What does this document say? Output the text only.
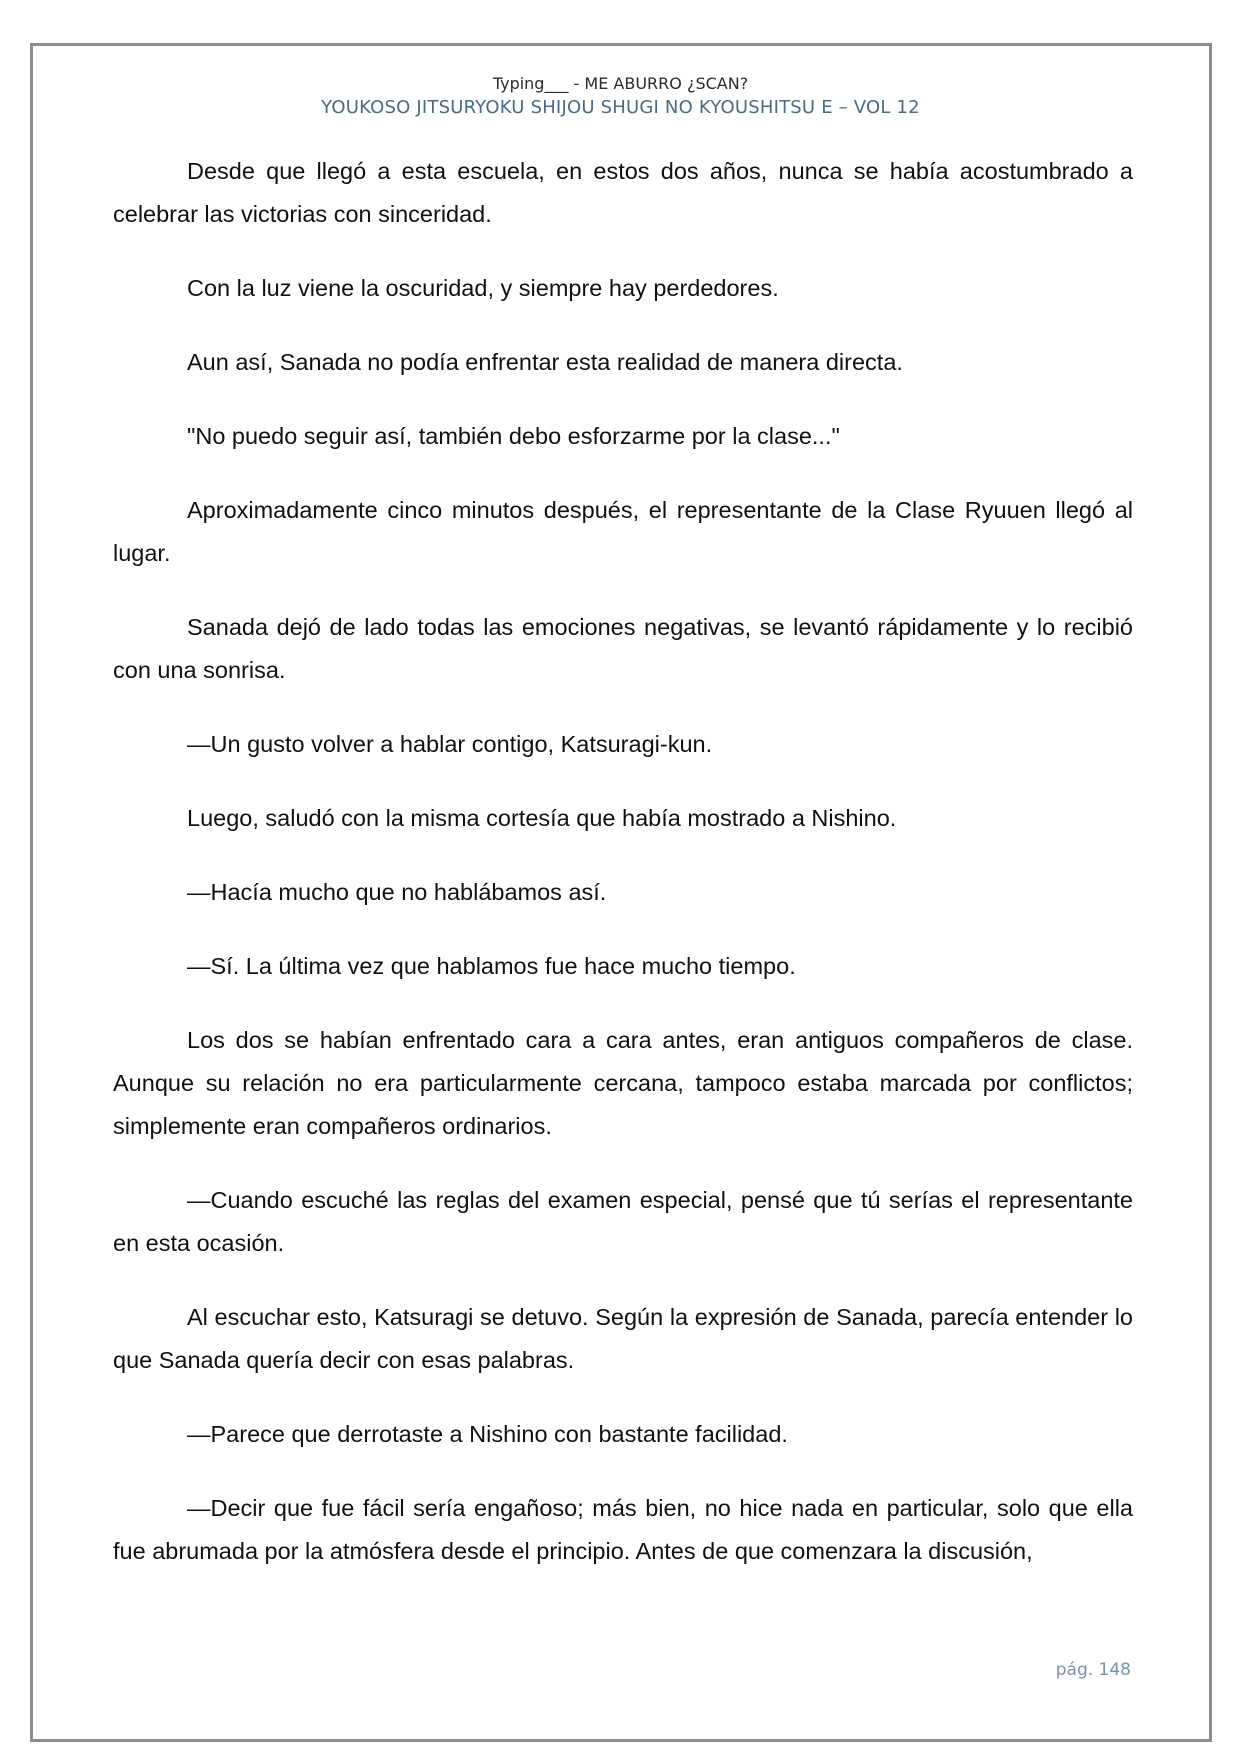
Typing___ - ME ABURRO ¿SCAN?
YOUKOSO JITSURYOKU SHIJOU SHUGI NO KYOUSHITSU E – VOL 12

Desde que llegó a esta escuela, en estos dos años, nunca se había acostumbrado a celebrar las victorias con sinceridad.

Con la luz viene la oscuridad, y siempre hay perdedores.

Aun así, Sanada no podía enfrentar esta realidad de manera directa.

"No puedo seguir así, también debo esforzarme por la clase..."

Aproximadamente cinco minutos después, el representante de la Clase Ryuuen llegó al lugar.

Sanada dejó de lado todas las emociones negativas, se levantó rápidamente y lo recibió con una sonrisa.

—Un gusto volver a hablar contigo, Katsuragi-kun.

Luego, saludó con la misma cortesía que había mostrado a Nishino.

—Hacía mucho que no hablábamos así.

—Sí. La última vez que hablamos fue hace mucho tiempo.

Los dos se habían enfrentado cara a cara antes, eran antiguos compañeros de clase. Aunque su relación no era particularmente cercana, tampoco estaba marcada por conflictos; simplemente eran compañeros ordinarios.

—Cuando escuché las reglas del examen especial, pensé que tú serías el representante en esta ocasión.

Al escuchar esto, Katsuragi se detuvo. Según la expresión de Sanada, parecía entender lo que Sanada quería decir con esas palabras.

—Parece que derrotaste a Nishino con bastante facilidad.

—Decir que fue fácil sería engañoso; más bien, no hice nada en particular, solo que ella fue abrumada por la atmósfera desde el principio. Antes de que comenzara la discusión,

pág. 148
